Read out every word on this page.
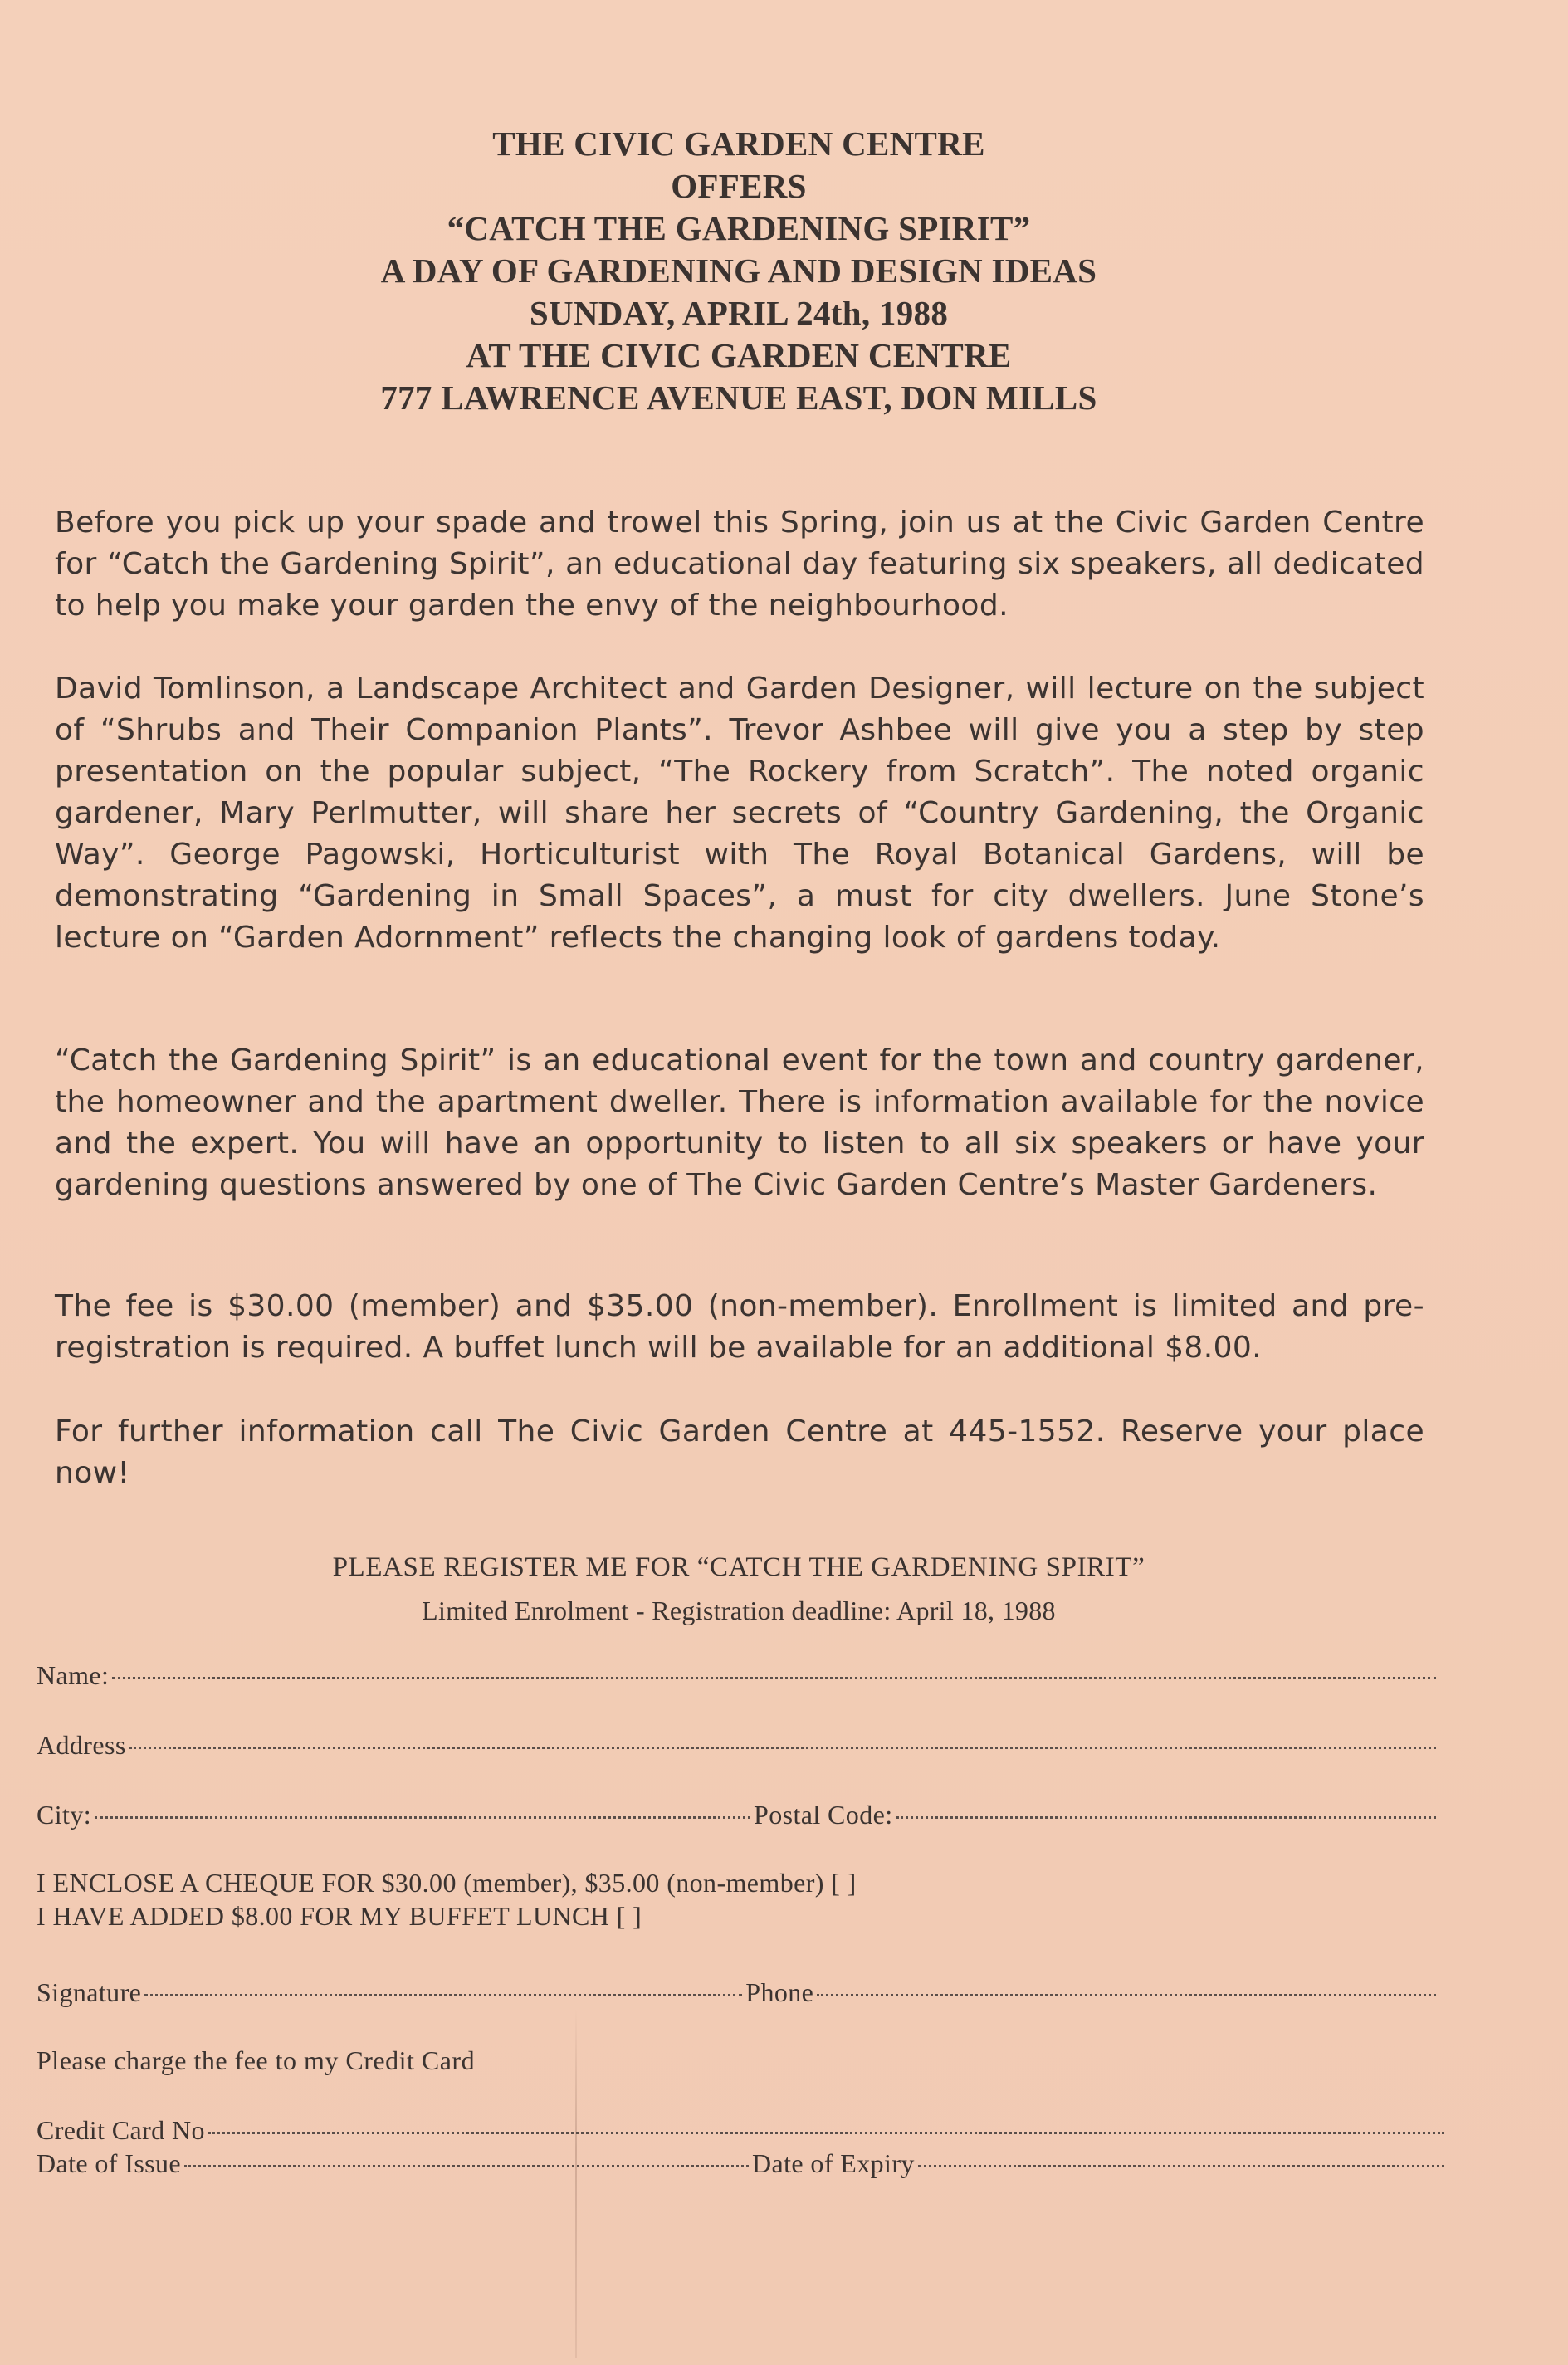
THE CIVIC GARDEN CENTRE
OFFERS
“CATCH THE GARDENING SPIRIT”
A DAY OF GARDENING AND DESIGN IDEAS
SUNDAY, APRIL 24th, 1988
AT THE CIVIC GARDEN CENTRE
777 LAWRENCE AVENUE EAST, DON MILLS
Before you pick up your spade and trowel this Spring, join us at the Civic Garden Centre for “Catch the Gardening Spirit”, an educational day featuring six speakers, all dedicated to help you make your garden the envy of the neighbourhood.
David Tomlinson, a Landscape Architect and Garden Designer, will lecture on the subject of “Shrubs and Their Companion Plants”. Trevor Ashbee will give you a step by step presentation on the popular subject, “The Rockery from Scratch”. The noted organic gardener, Mary Perlmutter, will share her secrets of “Country Gardening, the Organic Way”. George Pagowski, Horticulturist with The Royal Botanical Gardens, will be demonstrating “Gardening in Small Spaces”, a must for city dwellers. June Stone’s lecture on “Garden Adornment” reflects the changing look of gardens today.
“Catch the Gardening Spirit” is an educational event for the town and country gardener, the homeowner and the apartment dweller. There is information available for the novice and the expert. You will have an opportunity to listen to all six speakers or have your gardening questions answered by one of The Civic Garden Centre’s Master Gardeners.
The fee is $30.00 (member) and $35.00 (non-member). Enrollment is limited and pre-registration is required. A buffet lunch will be available for an additional $8.00.
For further information call The Civic Garden Centre at 445-1552. Reserve your place now!
PLEASE REGISTER ME FOR “CATCH THE GARDENING SPIRIT”
Limited Enrolment - Registration deadline: April 18, 1988
Name:
Address
City:	Postal Code:
I ENCLOSE A CHEQUE FOR $30.00 (member), $35.00 (non-member) [ ]
I HAVE ADDED $8.00 FOR MY BUFFET LUNCH [ ]
Signature	Phone
Please charge the fee to my Credit Card
Credit Card No
Date of Issue	Date of Expiry
